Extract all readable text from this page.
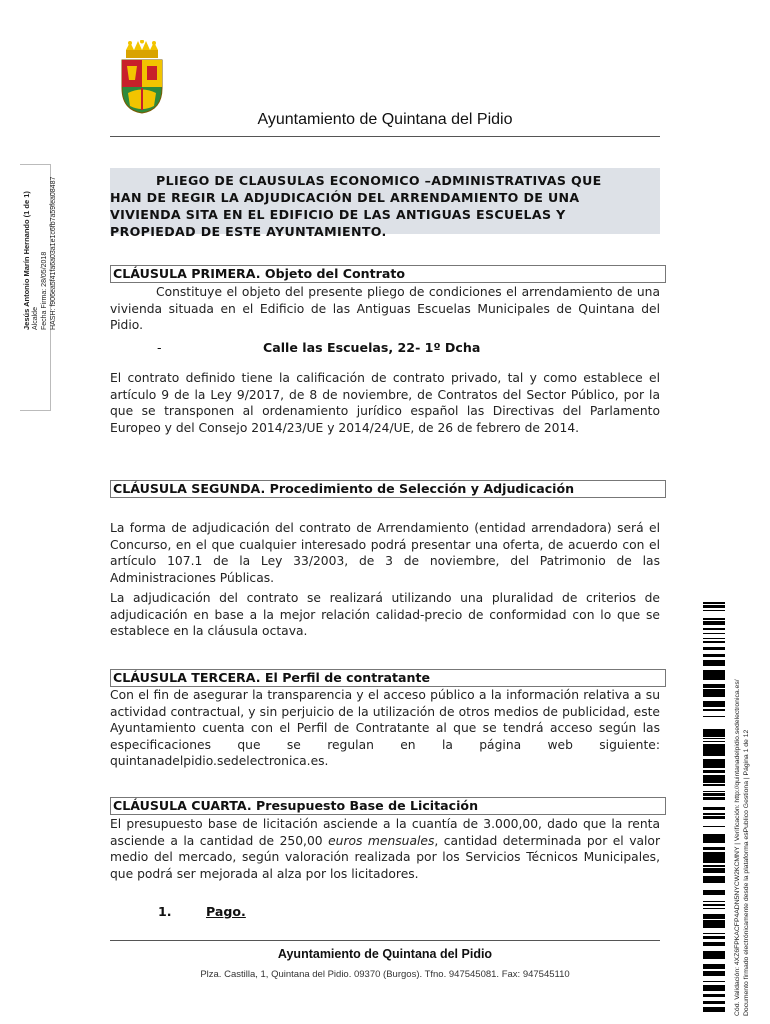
Ayuntamiento de Quintana del Pidio
Jesús Antonio Marín Hernando (1 de 1) Alcalde Fecha Firma: 28/05/2018 HASH: f906ea5f41fa6a03a1e1c6fb7a59fea08487	PLIEGO DE CLAUSULAS ECONOMICO –ADMINISTRATIVAS QUE
HAN DE REGIR LA ADJUDICACIÓN DEL ARRENDAMIENTO DE UNA
VIVIENDA SITA EN EL EDIFICIO DE LAS ANTIGUAS ESCUELAS Y
PROPIEDAD DE ESTE AYUNTAMIENTO.
CLÁUSULA PRIMERA. Objeto del Contrato
Constituye el objeto del presente pliego de condiciones el arrendamiento de una vivienda situada en el Edificio de las Antiguas Escuelas Municipales de Quintana del Pidio.
-	Calle las Escuelas, 22- 1º Dcha
El contrato definido tiene la calificación de contrato privado, tal y como establece el artículo 9 de la Ley 9/2017, de 8 de noviembre, de Contratos del Sector Público, por la que se transponen al ordenamiento jurídico español las Directivas del Parlamento Europeo y del Consejo 2014/23/UE y 2014/24/UE, de 26 de febrero de 2014.
CLÁUSULA SEGUNDA. Procedimiento de Selección y Adjudicación
La forma de adjudicación del contrato de Arrendamiento (entidad arrendadora) será el Concurso, en el que cualquier interesado podrá presentar una oferta, de acuerdo con el artículo 107.1 de la Ley 33/2003, de 3 de noviembre, del Patrimonio de las Administraciones Públicas.
La adjudicación del contrato se realizará utilizando una pluralidad de criterios de adjudicación en base a la mejor relación calidad-precio de conformidad con lo que se establece en la cláusula octava.
CLÁUSULA TERCERA. El Perfil de contratante
Con el fin de asegurar la transparencia y el acceso público a la información relativa a su actividad contractual, y sin perjuicio de la utilización de otros medios de publicidad, este Ayuntamiento cuenta con el Perfil de Contratante al que se tendrá acceso según las especificaciones que se regulan en la página web siguiente: quintanadelpidio.sedelectronica.es.
CLÁUSULA CUARTA. Presupuesto Base de Licitación
El presupuesto base de licitación asciende a la cuantía de 3.000,00, dado que la renta asciende a la cantidad de 250,00 euros mensuales, cantidad determinada por el valor medio del mercado, según valoración realizada por los Servicios Técnicos Municipales, que podrá ser mejorada al alza por los licitadores.
1.	Pago.
Ayuntamiento de Quintana del Pidio
Plza. Castilla, 1, Quintana del Pidio. 09370 (Burgos). Tfno. 947545081. Fax: 947545110	Cód. Validación: 4XZ6FPKACFP4ADN5NYCW2KCMNY | Verificación: http://quintanadelpidio.sedelectronica.es/ Documento firmado electrónicamente desde la plataforma esPublico Gestiona | Página 1 de 12
